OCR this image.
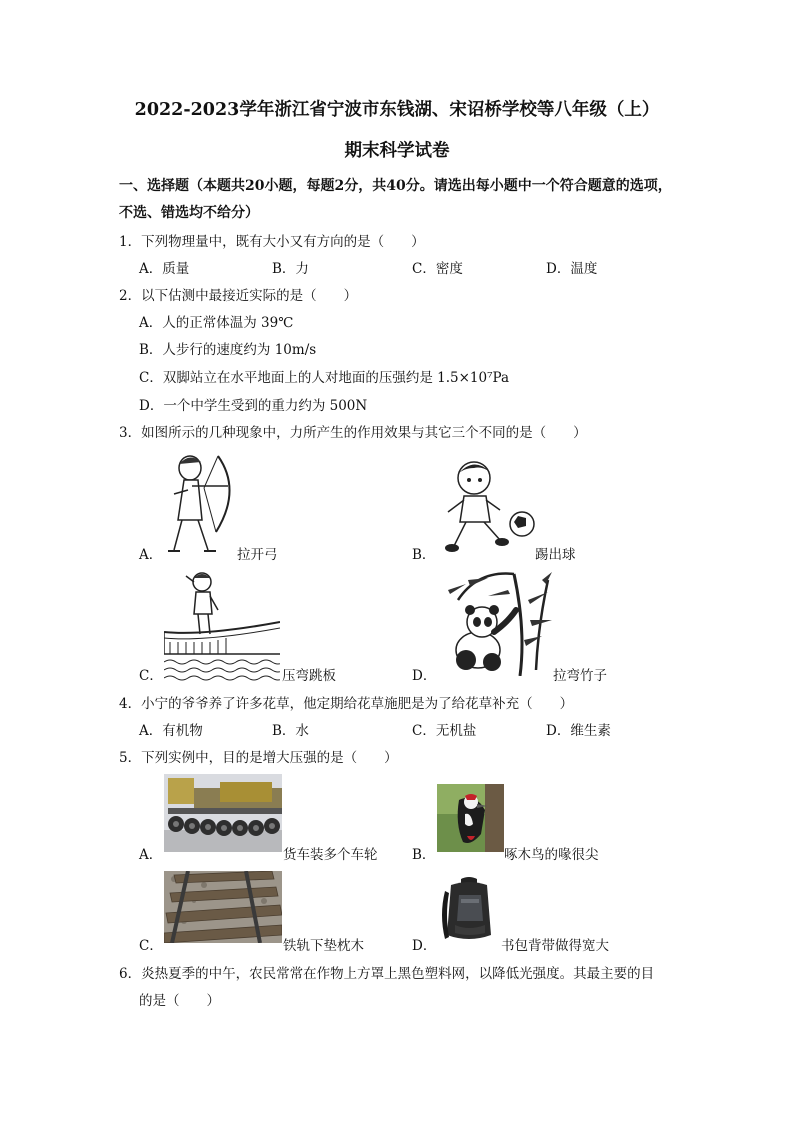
2022-2023学年浙江省宁波市东钱湖、宋诏桥学校等八年级（上）
期末科学试卷
一、选择题（本题共20小题，每题2分，共40分。请选出每小题中一个符合题意的选项，
不选、错选均不给分）
1．下列物理量中，既有大小又有方向的是（　　）
A．质量	B．力	C．密度	D．温度
2．以下估测中最接近实际的是（　　）
A．人的正常体温为 39℃
B．人步行的速度约为 10m/s
C．双脚站立在水平地面上的人对地面的压强约是 1.5×10⁷Pa
D．一个中学生受到的重力约为 500N
3．如图所示的几种现象中，力所产生的作用效果与其它三个不同的是（　　）
A．	拉开弓	B．	踢出球
C．	压弯跳板	D．	拉弯竹子
4．小宁的爷爷养了许多花草，他定期给花草施肥是为了给花草补充（　　）
A．有机物	B．水	C．无机盐	D．维生素
5．下列实例中，目的是增大压强的是（　　）
A．	货车装多个车轮	B．	啄木鸟的喙很尖
C．	铁轨下垫枕木	D．	书包背带做得宽大
6．炎热夏季的中午，农民常常在作物上方罩上黑色塑料网，以降低光强度。其最主要的目
的是（　　）
